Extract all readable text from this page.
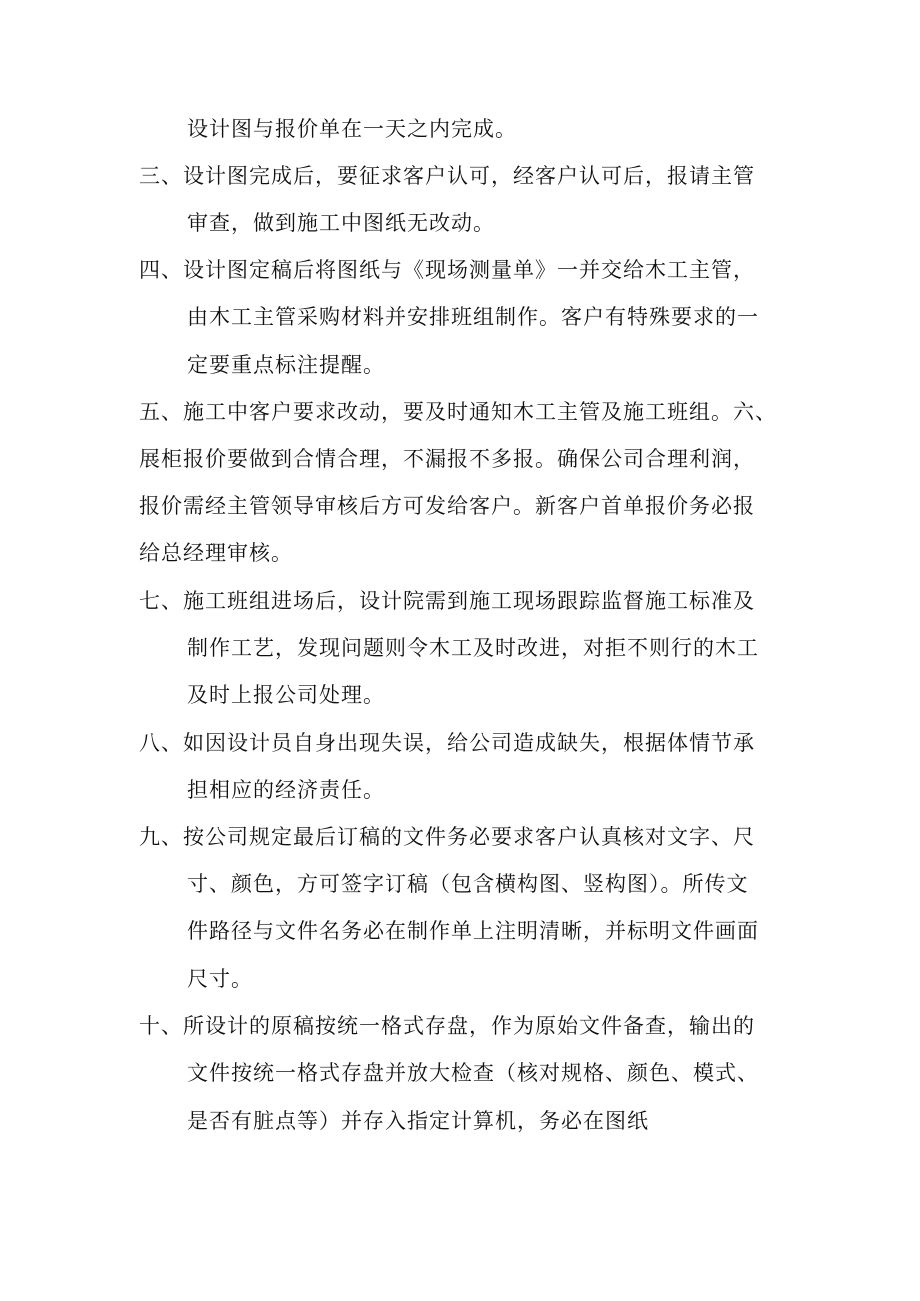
设计图与报价单在一天之内完成。
三、设计图完成后，要征求客户认可，经客户认可后，报请主管
审查，做到施工中图纸无改动。
四、设计图定稿后将图纸与《现场测量单》一并交给木工主管，
由木工主管采购材料并安排班组制作。客户有特殊要求的一
定要重点标注提醒。
五、施工中客户要求改动，要及时通知木工主管及施工班组。六、
展柜报价要做到合情合理，不漏报不多报。确保公司合理利润，
报价需经主管领导审核后方可发给客户。新客户首单报价务必报
给总经理审核。
七、施工班组进场后，设计院需到施工现场跟踪监督施工标准及
制作工艺，发现问题则令木工及时改进，对拒不则行的木工
及时上报公司处理。
八、如因设计员自身出现失误，给公司造成缺失，根据体情节承
担相应的经济责任。
九、按公司规定最后订稿的文件务必要求客户认真核对文字、尺
寸、颜色，方可签字订稿（包含横构图、竖构图）。所传文
件路径与文件名务必在制作单上注明清晰，并标明文件画面
尺寸。
十、所设计的原稿按统一格式存盘，作为原始文件备查，输出的
文件按统一格式存盘并放大检查（核对规格、颜色、模式、
是否有脏点等）并存入指定计算机，务必在图纸
